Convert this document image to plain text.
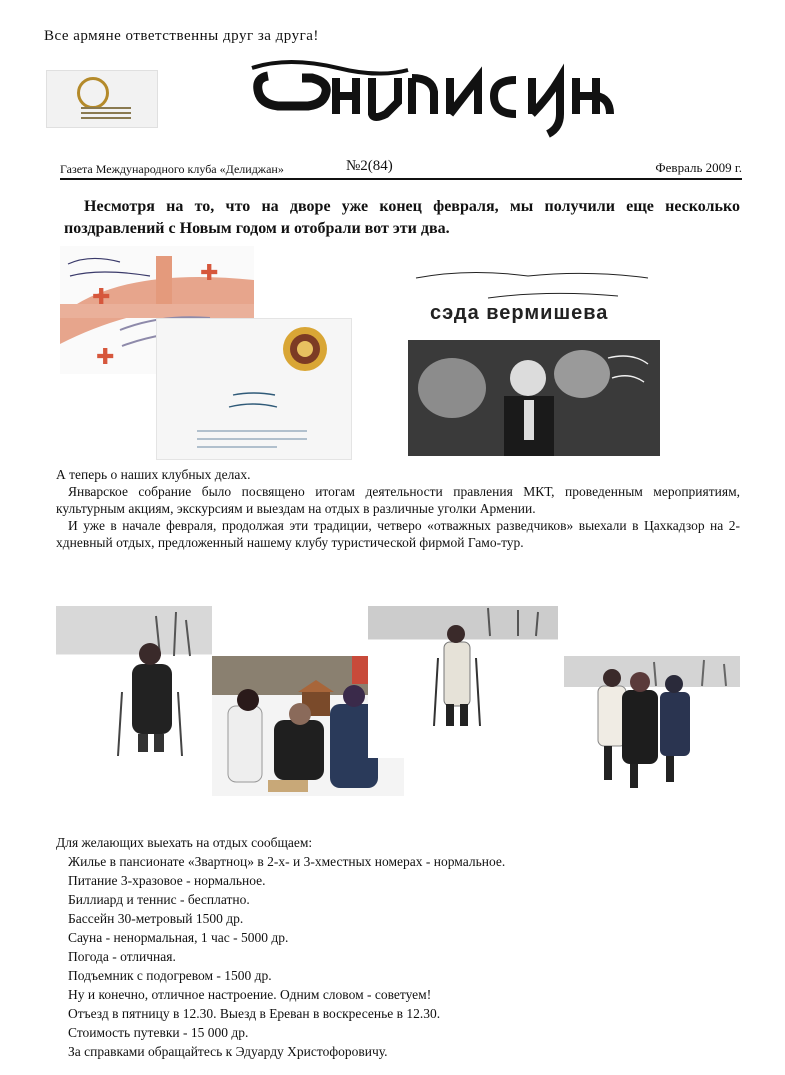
Все армяне ответственны друг за друга!
Газета Международного клуба «Делиджан»	№2(84)	Февраль 2009 г.
Несмотря на то, что на дворе уже конец февраля, мы получили еще несколько поздравлений с Новым годом и отобрали вот эти два.
✚
✚
✚
сэда вермишева

А теперь о наших клубных делах.

Январское собрание было посвящено итогам деятельности правления МКТ, проведенным мероприятиям, культурным акциям, экскурсиям и выездам на отдых в различные уголки Армении.

И уже в начале февраля, продолжая эти традиции, четверо «отважных разведчиков» выехали в Цахкадзор на 2-хдневный отдых, предложенный нашему клубу туристической фирмой Гамо-тур.

Для желающих выехать на отдых сообщаем:
Жилье в пансионате «Звартноц» в 2-х- и 3-хместных номерах - нормальное.
Питание 3-хразовое - нормальное.
Биллиард и теннис - бесплатно.
Бассейн 30-метровый 1500 др.
Сауна - ненормальная, 1 час - 5000 др.
Погода - отличная.
Подъемник с подогревом - 1500 др.
Ну и конечно, отличное настроение. Одним словом - советуем!
Отъезд в пятницу в 12.30. Выезд в Ереван в воскресенье в 12.30.
Стоимость путевки - 15 000 др.
За справками обращайтесь к Эдуарду Христофоровичу.
